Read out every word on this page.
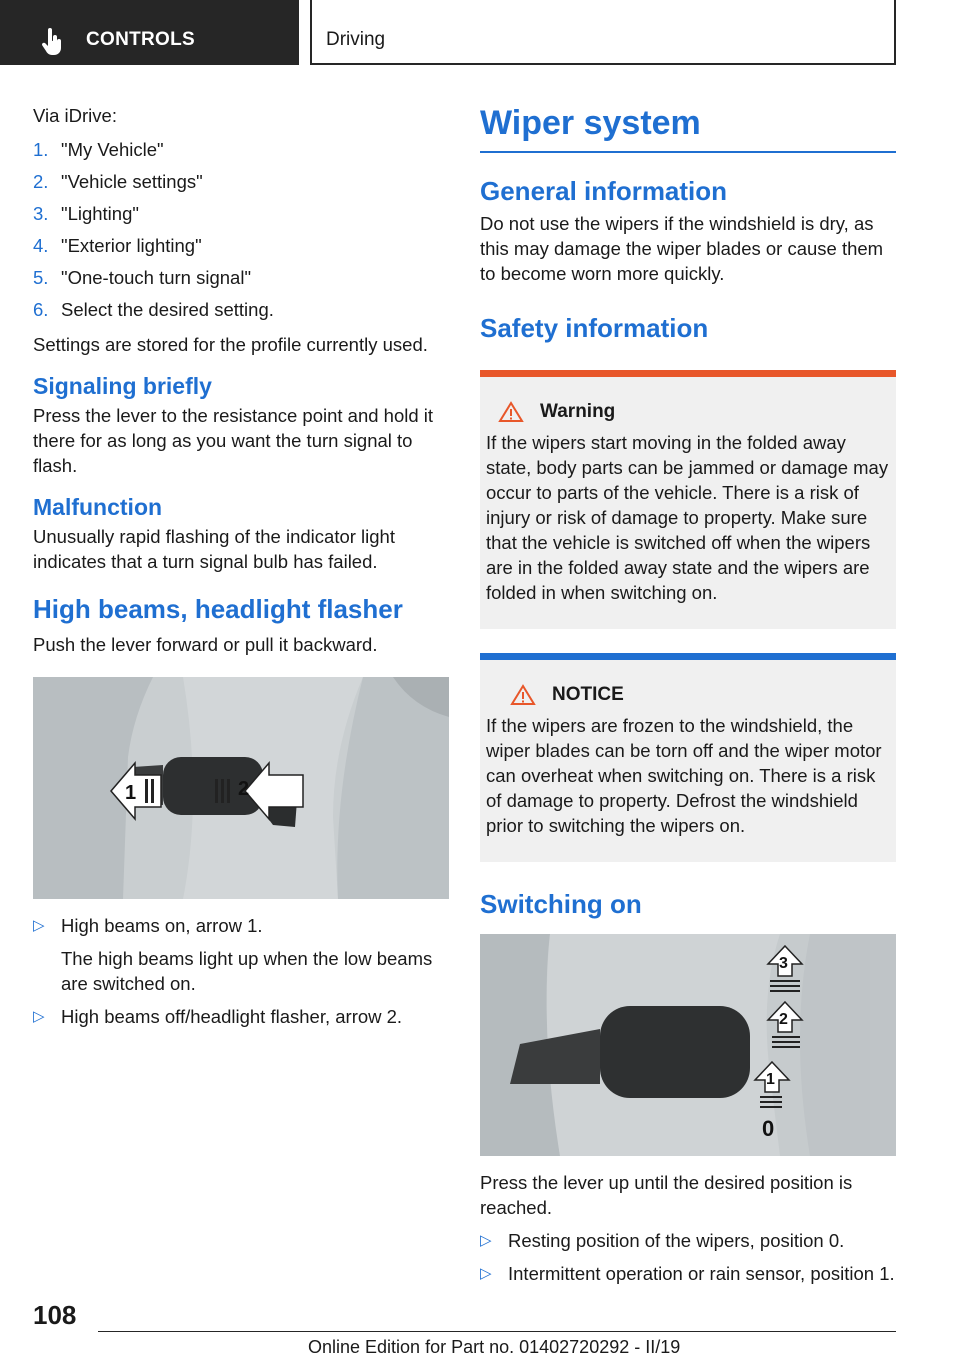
CONTROLS	Driving

Via iDrive:

1. "My Vehicle"
2. "Vehicle settings"
3. "Lighting"
4. "Exterior lighting"
5. "One-touch turn signal"
6. Select the desired setting.

Settings are stored for the profile currently used.

Signaling briefly

Press the lever to the resistance point and hold it there for as long as you want the turn signal to flash.

Malfunction

Unusually rapid flashing of the indicator light indicates that a turn signal bulb has failed.

High beams, headlight flasher

Push the lever forward or pull it backward.

1	2
▷ High beams on, arrow 1.
The high beams light up when the low beams are switched on.
▷ High beams off/headlight flasher, arrow 2.
Wiper system
General information

Do not use the wipers if the windshield is dry, as this may damage the wiper blades or cause them to become worn more quickly.

Safety information
Warning

If the wipers start moving in the folded away state, body parts can be jammed or damage may occur to parts of the vehicle. There is a risk of injury or risk of damage to property. Make sure that the vehicle is switched off when the wipers are in the folded away state and the wipers are folded in when switching on.

NOTICE

If the wipers are frozen to the windshield, the wiper blades can be torn off and the wiper motor can overheat when switching on. There is a risk of damage to property. Defrost the windshield prior to switching the wipers on.

Switching on
3
2
1
0

Press the lever up until the desired position is reached.

▷ Resting position of the wipers, position 0.
▷ Intermittent operation or rain sensor, position 1.
108
Online Edition for Part no. 01402720292 - II/19
